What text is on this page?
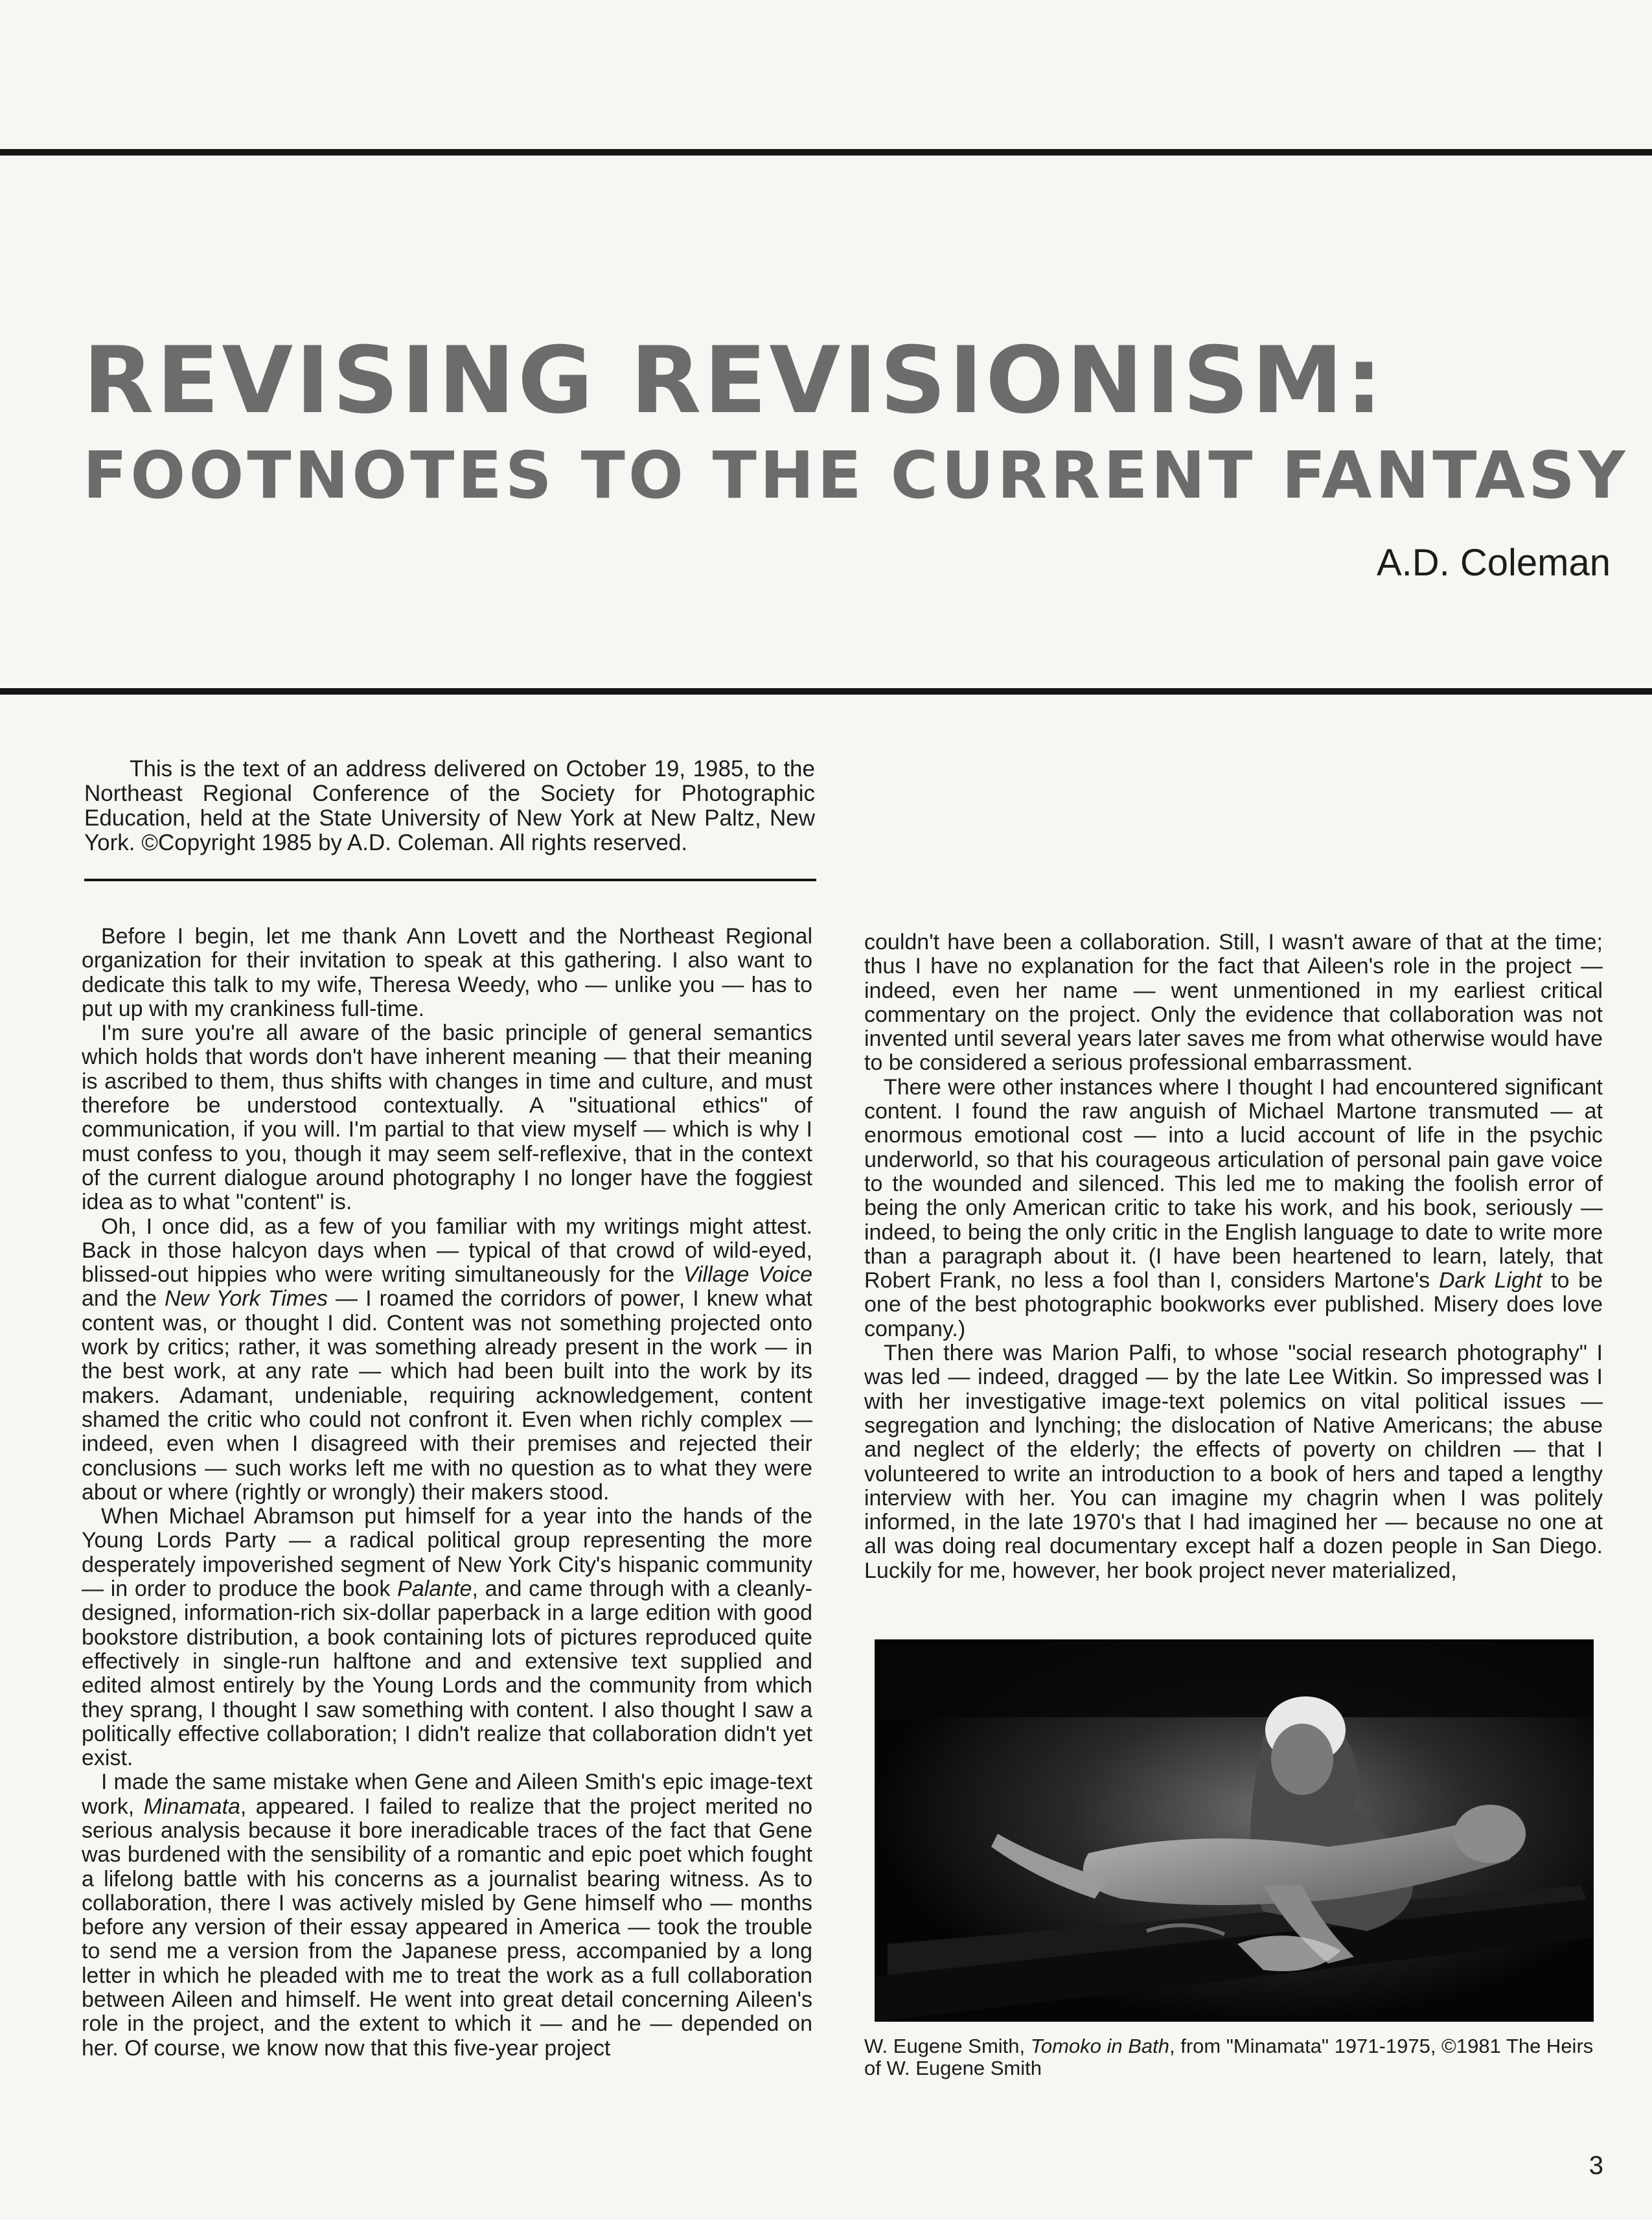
REVISING REVISIONISM:
FOOTNOTES TO THE CURRENT FANTASY
A.D. Coleman

This is the text of an address delivered on October 19, 1985, to the Northeast Regional Conference of the Society for Photographic Education, held at the State University of New York at New Paltz, New York. ©Copyright 1985 by A.D. Coleman. All rights reserved.

Before I begin, let me thank Ann Lovett and the Northeast Regional organization for their invitation to speak at this gathering. I also want to dedicate this talk to my wife, Theresa Weedy, who — unlike you — has to put up with my crankiness full-time.

I'm sure you're all aware of the basic principle of general semantics which holds that words don't have inherent meaning — that their meaning is ascribed to them, thus shifts with changes in time and culture, and must therefore be understood contextually. A "situational ethics" of communication, if you will. I'm partial to that view myself — which is why I must confess to you, though it may seem self-reflexive, that in the context of the current dialogue around photography I no longer have the foggiest idea as to what "content" is.

Oh, I once did, as a few of you familiar with my writings might attest. Back in those halcyon days when — typical of that crowd of wild-eyed, blissed-out hippies who were writing simultaneously for the Village Voice and the New York Times — I roamed the corridors of power, I knew what content was, or thought I did. Content was not something projected onto work by critics; rather, it was something already present in the work — in the best work, at any rate — which had been built into the work by its makers. Adamant, undeniable, requiring acknowledgement, content shamed the critic who could not confront it. Even when richly complex — indeed, even when I disagreed with their premises and rejected their conclusions — such works left me with no question as to what they were about or where (rightly or wrongly) their makers stood.

When Michael Abramson put himself for a year into the hands of the Young Lords Party — a radical political group representing the more desperately impoverished segment of New York City's hispanic community — in order to produce the book Palante, and came through with a cleanly-designed, information-rich six-dollar paperback in a large edition with good bookstore distribution, a book containing lots of pictures reproduced quite effectively in single-run halftone and and extensive text supplied and edited almost entirely by the Young Lords and the community from which they sprang, I thought I saw something with content. I also thought I saw a politically effective collaboration; I didn't realize that collaboration didn't yet exist.

I made the same mistake when Gene and Aileen Smith's epic image-text work, Minamata, appeared. I failed to realize that the project merited no serious analysis because it bore ineradicable traces of the fact that Gene was burdened with the sensibility of a romantic and epic poet which fought a lifelong battle with his concerns as a journalist bearing witness. As to collaboration, there I was actively misled by Gene himself who — months before any version of their essay appeared in America — took the trouble to send me a version from the Japanese press, accompanied by a long letter in which he pleaded with me to treat the work as a full collaboration between Aileen and himself. He went into great detail concerning Aileen's role in the project, and the extent to which it — and he — depended on her. Of course, we know now that this five-year project

couldn't have been a collaboration. Still, I wasn't aware of that at the time; thus I have no explanation for the fact that Aileen's role in the project — indeed, even her name — went unmentioned in my earliest critical commentary on the project. Only the evidence that collaboration was not invented until several years later saves me from what otherwise would have to be considered a serious professional embarrassment.

There were other instances where I thought I had encountered significant content. I found the raw anguish of Michael Martone transmuted — at enormous emotional cost — into a lucid account of life in the psychic underworld, so that his courageous articulation of personal pain gave voice to the wounded and silenced. This led me to making the foolish error of being the only American critic to take his work, and his book, seriously — indeed, to being the only critic in the English language to date to write more than a paragraph about it. (I have been heartened to learn, lately, that Robert Frank, no less a fool than I, considers Martone's Dark Light to be one of the best photographic bookworks ever published. Misery does love company.)

Then there was Marion Palfi, to whose "social research photography" I was led — indeed, dragged — by the late Lee Witkin. So impressed was I with her investigative image-text polemics on vital political issues — segregation and lynching; the dislocation of Native Americans; the abuse and neglect of the elderly; the effects of poverty on children — that I volunteered to write an introduction to a book of hers and taped a lengthy interview with her. You can imagine my chagrin when I was politely informed, in the late 1970's that I had imagined her — because no one at all was doing real documentary except half a dozen people in San Diego. Luckily for me, however, her book project never materialized,

W. Eugene Smith, Tomoko in Bath, from "Minamata" 1971-1975, ©1981 The Heirs of W. Eugene Smith

3
